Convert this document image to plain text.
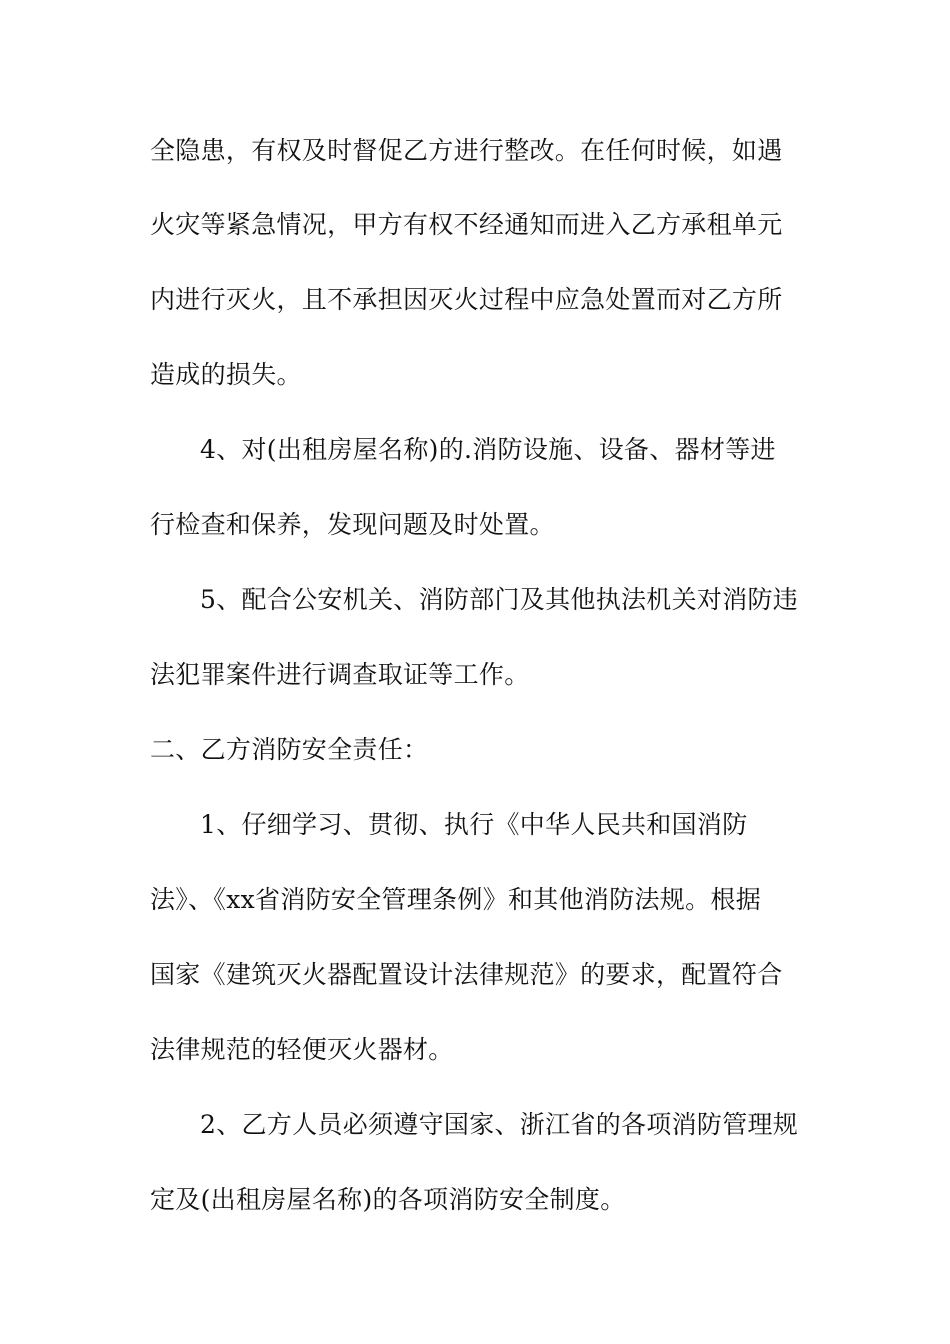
全隐患，有权及时督促乙方进行整改。在任何时候，如遇
火灾等紧急情况，甲方有权不经通知而进入乙方承租单元
内进行灭火，且不承担因灭火过程中应急处置而对乙方所
造成的损失。
4、对(出租房屋名称)的.消防设施、设备、器材等进
行检查和保养，发现问题及时处置。
5、配合公安机关、消防部门及其他执法机关对消防违
法犯罪案件进行调查取证等工作。
二、乙方消防安全责任：
1、仔细学习、贯彻、执行《中华人民共和国消防
法》、《xx省消防安全管理条例》和其他消防法规。根据
国家《建筑灭火器配置设计法律规范》的要求，配置符合
法律规范的轻便灭火器材。
2、乙方人员必须遵守国家、浙江省的各项消防管理规
定及(出租房屋名称)的各项消防安全制度。
